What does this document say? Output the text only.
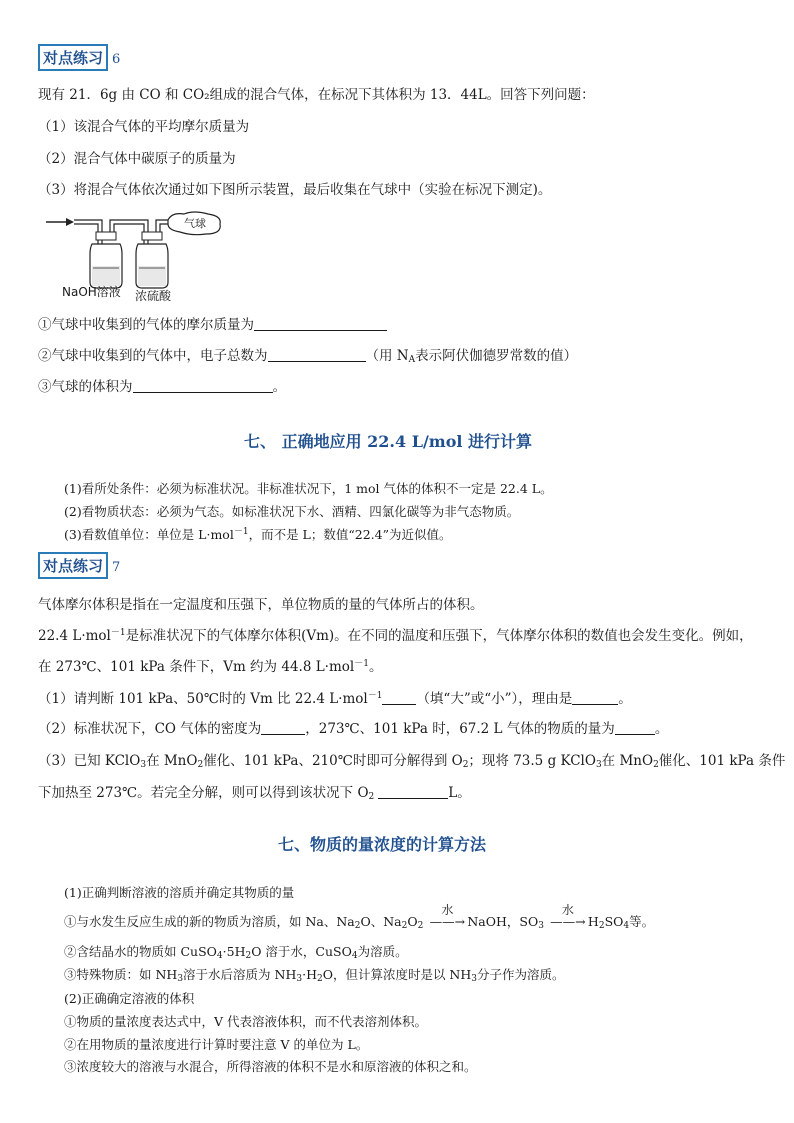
对点练习 6
现有 21．6g 由 CO 和 CO₂组成的混合气体，在标况下其体积为 13．44L。回答下列问题：
（1）该混合气体的平均摩尔质量为
（2）混合气体中碳原子的质量为
（3）将混合气体依次通过如下图所示装置，最后收集在气球中（实验在标况下测定)。
气球
NaOH溶液 浓硫酸
①气球中收集到的气体的摩尔质量为
②气球中收集到的气体中，电子总数为	（用 $N_A$表示阿伏伽德罗常数的值）
③气球的体积为	。
七、 正确地应用 22.4 L/mol 进行计算
(1)看所处条件：必须为标准状况。非标准状况下，1 mol 气体的体积不一定是 22.4 L。
(2)看物质状态：必须为气态。如标准状况下水、酒精、四氯化碳等为非气态物质。
(3)看数值单位：单位是 L·mol$^{-1}$，而不是 L；数值“22.4”为近似值。
对点练习 7
气体摩尔体积是指在一定温度和压强下，单位物质的量的气体所占的体积。
22.4 L·mol$^{-1}$是标准状况下的气体摩尔体积(Vm)。在不同的温度和压强下，气体摩尔体积的数值也会发生变化。例如，
在 273℃、101 kPa 条件下，Vm 约为 44.8 L·mol$^{-1}$。
（1）请判断 101 kPa、50℃时的 Vm 比 22.4 L·mol$^{-1}$	（填“大”或“小”），理由是	。
（2）标准状况下，CO 气体的密度为	，273℃、101 kPa 时，67.2 L 气体的物质的量为	。
（3）已知 KClO$_3$在 MnO$_2$催化、101 kPa、210℃时即可分解得到 $O_2$；现将 73.5 g KClO$_3$在 MnO$_2$催化、101 kPa 条件
下加热至 273℃。若完全分解，则可以得到该状况下 $O_2$	L。
七、物质的量浓度的计算方法
(1)正确判断溶液的溶质并确定其物质的量
①与水发生反应生成的新的物质为溶质，如 Na、$Na_2O$、$Na_2O_2$
水
——→ NaOH，$SO_3$
水
——→ $H_2SO_4$等。
②含结晶水的物质如 $CuSO_4\cdot 5H_2O$ 溶于水，CuSO$_4$为溶质。
③特殊物质：如 $NH_3$溶于水后溶质为 $NH_3\cdot H_2O$，但计算浓度时是以 $NH_3$分子作为溶质。
(2)正确确定溶液的体积
①物质的量浓度表达式中，V 代表溶液体积，而不代表溶剂体积。
②在用物质的量浓度进行计算时要注意 V 的单位为 L。
③浓度较大的溶液与水混合，所得溶液的体积不是水和原溶液的体积之和。
